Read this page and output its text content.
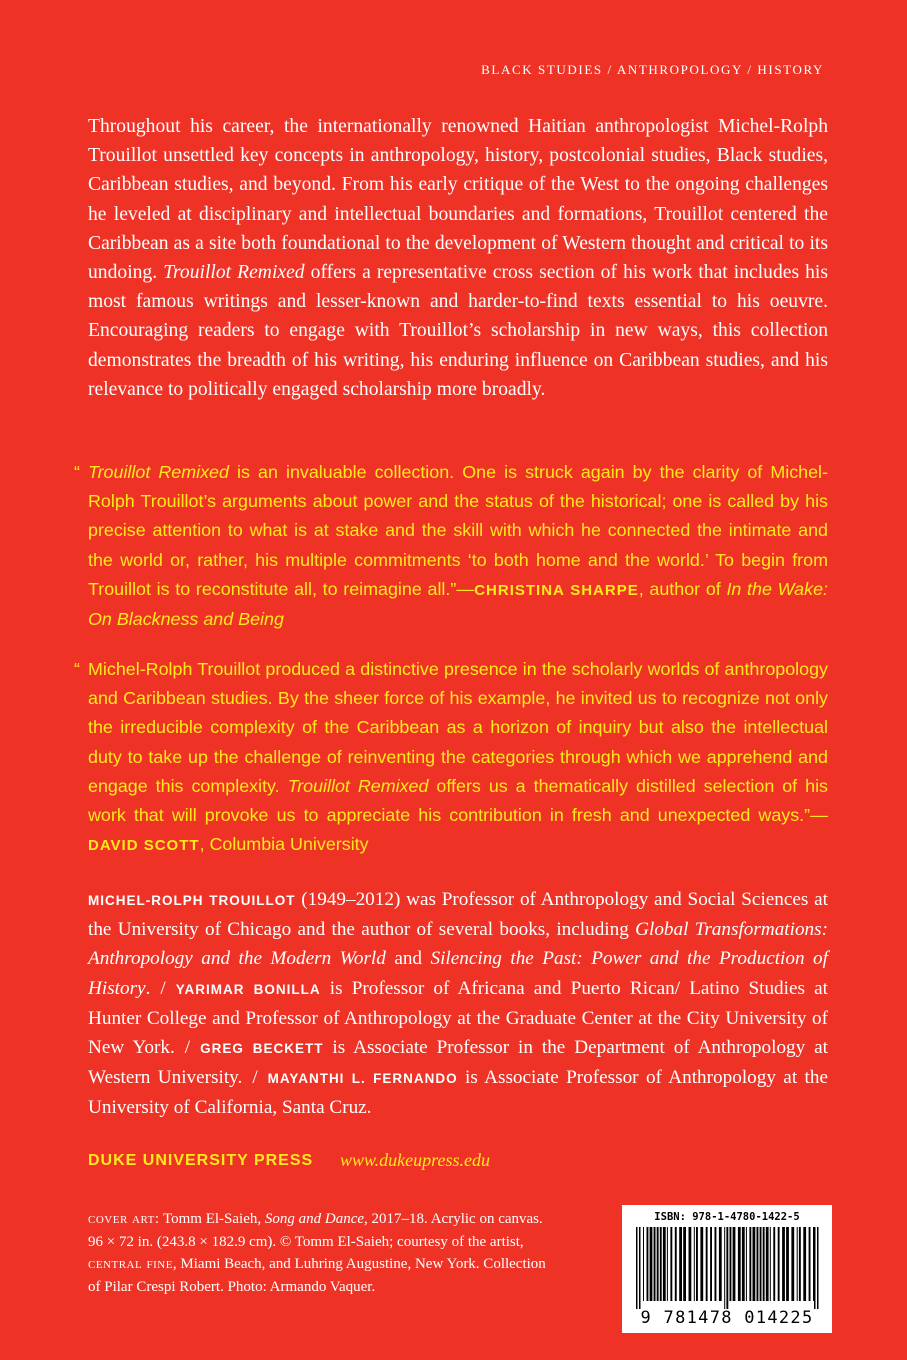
BLACK STUDIES / ANTHROPOLOGY / HISTORY

Throughout his career, the internationally renowned Haitian anthropologist Michel-Rolph Trouillot unsettled key concepts in anthropology, history, postcolonial studies, Black studies, Caribbean studies, and beyond. From his early critique of the West to the ongoing challenges he leveled at disciplinary and intellectual boundaries and formations, Trouillot centered the Caribbean as a site both foundational to the development of Western thought and critical to its undoing. Trouillot Remixed offers a representative cross section of his work that includes his most famous writings and lesser-known and harder-to-find texts essential to his oeuvre. Encouraging readers to engage with Trouillot’s scholarship in new ways, this collection demonstrates the breadth of his writing, his enduring influence on Caribbean studies, and his relevance to politically engaged scholarship more broadly.

“ Trouillot Remixed is an invaluable collection. One is struck again by the clarity of Michel-Rolph Trouillot’s arguments about power and the status of the historical; one is called by his precise attention to what is at stake and the skill with which he connected the intimate and the world or, rather, his multiple commitments ‘to both home and the world.’ To begin from Trouillot is to reconstitute all, to reimagine all.”—CHRISTINA SHARPE, author of In the Wake: On Blackness and Being

“ Michel-Rolph Trouillot produced a distinctive presence in the scholarly worlds of anthropology and Caribbean studies. By the sheer force of his example, he invited us to recognize not only the irreducible complexity of the Caribbean as a horizon of inquiry but also the intellectual duty to take up the challenge of reinventing the categories through which we apprehend and engage this complexity. Trouillot Remixed offers us a thematically distilled selection of his work that will provoke us to appreciate his contribution in fresh and unexpected ways.”—DAVID SCOTT, Columbia University

MICHEL-ROLPH TROUILLOT (1949–2012) was Professor of Anthropology and Social Sciences at the University of Chicago and the author of several books, including Global Transformations: Anthropology and the Modern World and Silencing the Past: Power and the Production of History. / YARIMAR BONILLA is Professor of Africana and Puerto Rican/ Latino Studies at Hunter College and Professor of Anthropology at the Graduate Center at the City University of New York. / GREG BECKETT is Associate Professor in the Department of Anthropology at Western University. / MAYANTHI L. FERNANDO is Associate Professor of Anthropology at the University of California, Santa Cruz.

DUKE UNIVERSITY PRESS www.dukeupress.edu

cover art: Tomm El-Saieh, Song and Dance, 2017–18. Acrylic on canvas. 96 × 72 in. (243.8 × 182.9 cm). © Tomm El-Saieh; courtesy of the artist, central fine, Miami Beach, and Luhring Augustine, New York. Collection of Pilar Crespi Robert. Photo: Armando Vaquer.

ISBN: 978-1-4780-1422-5
9 781478 014225
